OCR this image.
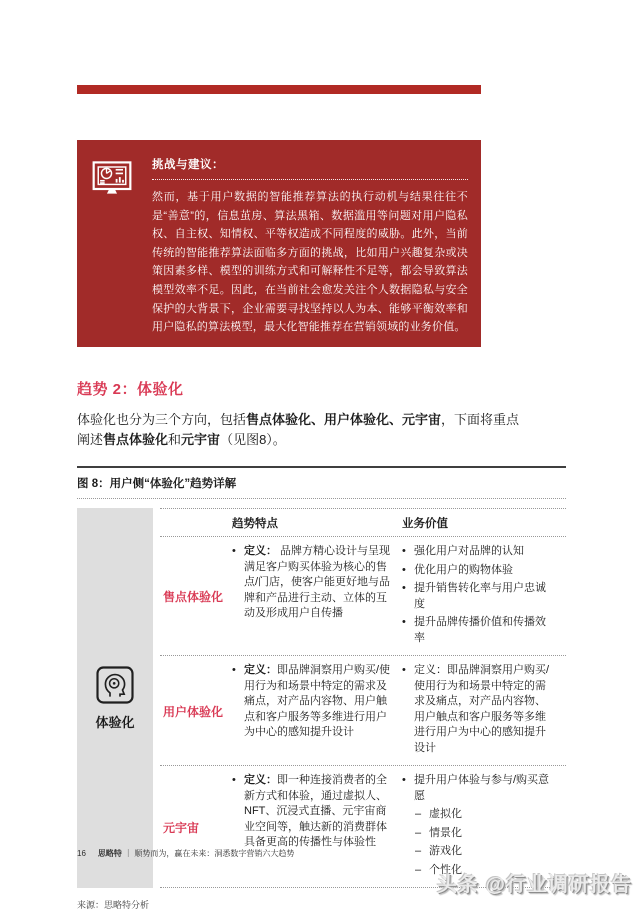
挑战与建议：
然而，基于用户数据的智能推荐算法的执行动机与结果往往不是“善意”的，信息茧房、算法黑箱、数据滥用等问题对用户隐私权、自主权、知情权、平等权造成不同程度的威胁。此外，当前传统的智能推荐算法面临多方面的挑战，比如用户兴趣复杂或决策因素多样、模型的训练方式和可解释性不足等，都会导致算法模型效率不足。因此，在当前社会愈发关注个人数据隐私与安全保护的大背景下，企业需要寻找坚持以人为本、能够平衡效率和用户隐私的算法模型，最大化智能推荐在营销领域的业务价值。
趋势 2：体验化
体验化也分为三个方向，包括售点体验化、用户体验化、元宇宙，下面将重点阐述售点体验化和元宇宙（见图8）。
图 8：用户侧“体验化”趋势详解
体验化
趋势特点	业务价值
售点体验化
• 定义： 品牌方精心设计与呈现满足客户购买体验为核心的售点/门店，使客户能更好地与品牌和产品进行主动、立体的互动及形成用户自传播
• 强化用户对品牌的认知
• 优化用户的购物体验
• 提升销售转化率与用户忠诚度
• 提升品牌传播价值和传播效率
用户体验化
• 定义：即品牌洞察用户购买/使用行为和场景中特定的需求及痛点，对产品内容物、用户触点和客户服务等多维进行用户为中心的感知提升设计
• 定义：即品牌洞察用户购买/使用行为和场景中特定的需求及痛点，对产品内容物、用户触点和客户服务等多维进行用户为中心的感知提升设计
元宇宙
• 定义：即一种连接消费者的全新方式和体验，通过虚拟人、NFT、沉浸式直播、元宇宙商业空间等，触达新的消费群体具备更高的传播性与体验性
• 提升用户体验与参与/购买意愿
– 虚拟化
– 情景化
– 游戏化
– 个性化
来源：思略特分析
16 思略特 ｜ 顺势而为，赢在未来：洞悉数字营销六大趋势
头条 @行业调研报告
